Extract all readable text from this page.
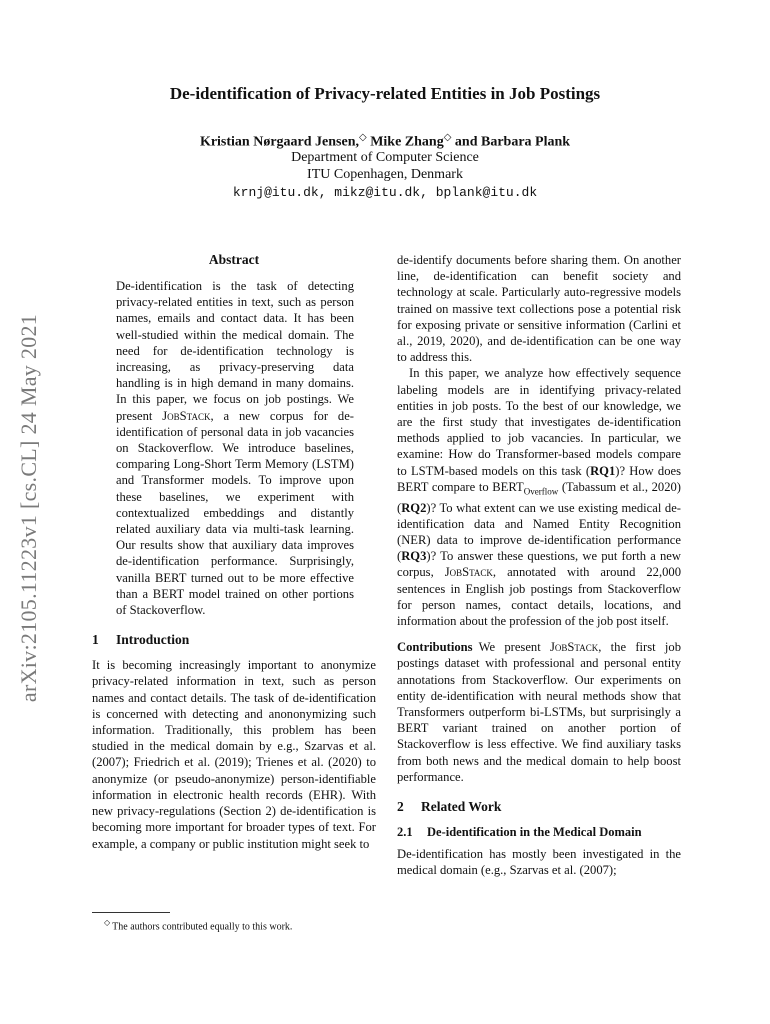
arXiv:2105.11223v1 [cs.CL] 24 May 2021
De-identification of Privacy-related Entities in Job Postings
Kristian Nørgaard Jensen,◇ Mike Zhang◇ and Barbara Plank
Department of Computer Science
ITU Copenhagen, Denmark
krnj@itu.dk, mikz@itu.dk, bplank@itu.dk
Abstract

De-identification is the task of detecting privacy-related entities in text, such as person names, emails and contact data. It has been well-studied within the medical domain. The need for de-identification technology is increasing, as privacy-preserving data handling is in high demand in many domains. In this paper, we focus on job postings. We present JobStack, a new corpus for de-identification of personal data in job vacancies on Stackoverflow. We introduce baselines, comparing Long-Short Term Memory (LSTM) and Transformer models. To improve upon these baselines, we experiment with contextualized embeddings and distantly related auxiliary data via multi-task learning. Our results show that auxiliary data improves de-identification performance. Surprisingly, vanilla BERT turned out to be more effective than a BERT model trained on other portions of Stackoverflow.

1 Introduction

It is becoming increasingly important to anonymize privacy-related information in text, such as person names and contact details. The task of de-identification is concerned with detecting and anononymizing such information. Traditionally, this problem has been studied in the medical domain by e.g., Szarvas et al. (2007); Friedrich et al. (2019); Trienes et al. (2020) to anonymize (or pseudo-anonymize) person-identifiable information in electronic health records (EHR). With new privacy-regulations (Section 2) de-identification is becoming more important for broader types of text. For example, a company or public institution might seek to

de-identify documents before sharing them. On another line, de-identification can benefit society and technology at scale. Particularly auto-regressive models trained on massive text collections pose a potential risk for exposing private or sensitive information (Carlini et al., 2019, 2020), and de-identification can be one way to address this.

In this paper, we analyze how effectively sequence labeling models are in identifying privacy-related entities in job posts. To the best of our knowledge, we are the first study that investigates de-identification methods applied to job vacancies. In particular, we examine: How do Transformer-based models compare to LSTM-based models on this task (RQ1)? How does BERT compare to $BERT_{Overflow}$ (Tabassum et al., 2020) (RQ2)? To what extent can we use existing medical de-identification data and Named Entity Recognition (NER) data to improve de-identification performance (RQ3)? To answer these questions, we put forth a new corpus, JobStack, annotated with around 22,000 sentences in English job postings from Stackoverflow for person names, contact details, locations, and information about the profession of the job post itself.

Contributions We present JobStack, the first job postings dataset with professional and personal entity annotations from Stackoverflow. Our experiments on entity de-identification with neural methods show that Transformers outperform bi-LSTMs, but surprisingly a BERT variant trained on another portion of Stackoverflow is less effective. We find auxiliary tasks from both news and the medical domain to help boost performance.

2 Related Work
2.1 De-identification in the Medical Domain

De-identification has mostly been investigated in the medical domain (e.g., Szarvas et al. (2007);

◇ The authors contributed equally to this work.
